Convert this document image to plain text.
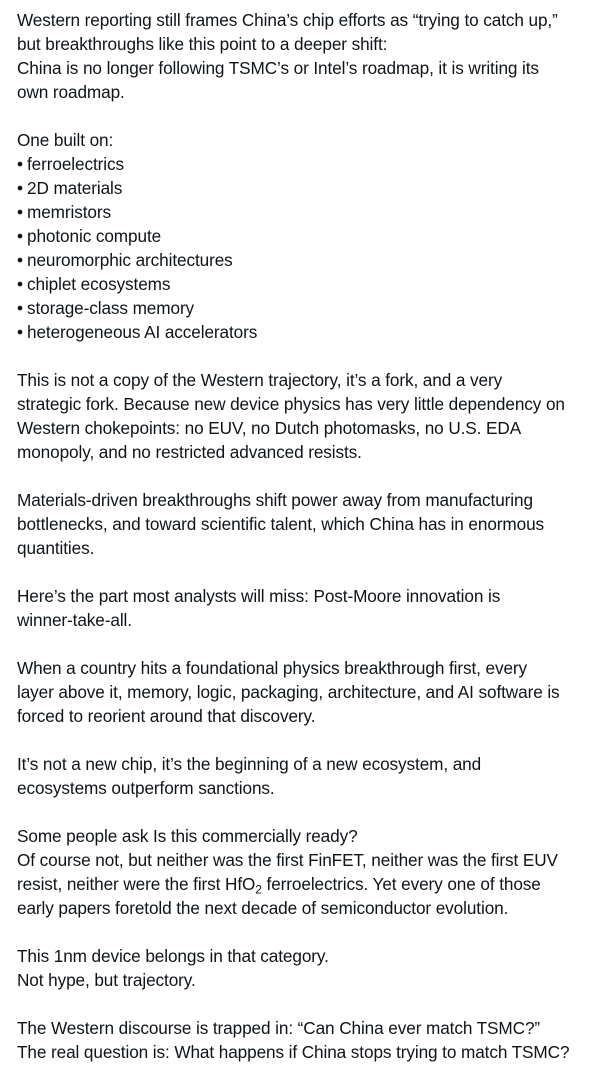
Western reporting still frames China’s chip efforts as “trying to catch up,”
but breakthroughs like this point to a deeper shift:
China is no longer following TSMC’s or Intel’s roadmap, it is writing its
own roadmap.

One built on:
• ferroelectrics
• 2D materials
• memristors
• photonic compute
• neuromorphic architectures
• chiplet ecosystems
• storage-class memory
• heterogeneous AI accelerators

This is not a copy of the Western trajectory, it’s a fork, and a very
strategic fork. Because new device physics has very little dependency on
Western chokepoints: no EUV, no Dutch photomasks, no U.S. EDA
monopoly, and no restricted advanced resists.

Materials-driven breakthroughs shift power away from manufacturing
bottlenecks, and toward scientific talent, which China has in enormous
quantities.

Here’s the part most analysts will miss: Post-Moore innovation is
winner-take-all.

When a country hits a foundational physics breakthrough first, every
layer above it, memory, logic, packaging, architecture, and AI software is
forced to reorient around that discovery.

It’s not a new chip, it’s the beginning of a new ecosystem, and
ecosystems outperform sanctions.

Some people ask Is this commercially ready?
Of course not, but neither was the first FinFET, neither was the first EUV
resist, neither were the first HfO$_2$ ferroelectrics. Yet every one of those
early papers foretold the next decade of semiconductor evolution.

This 1nm device belongs in that category.
Not hype, but trajectory.

The Western discourse is trapped in: “Can China ever match TSMC?”
The real question is: What happens if China stops trying to match TSMC?
